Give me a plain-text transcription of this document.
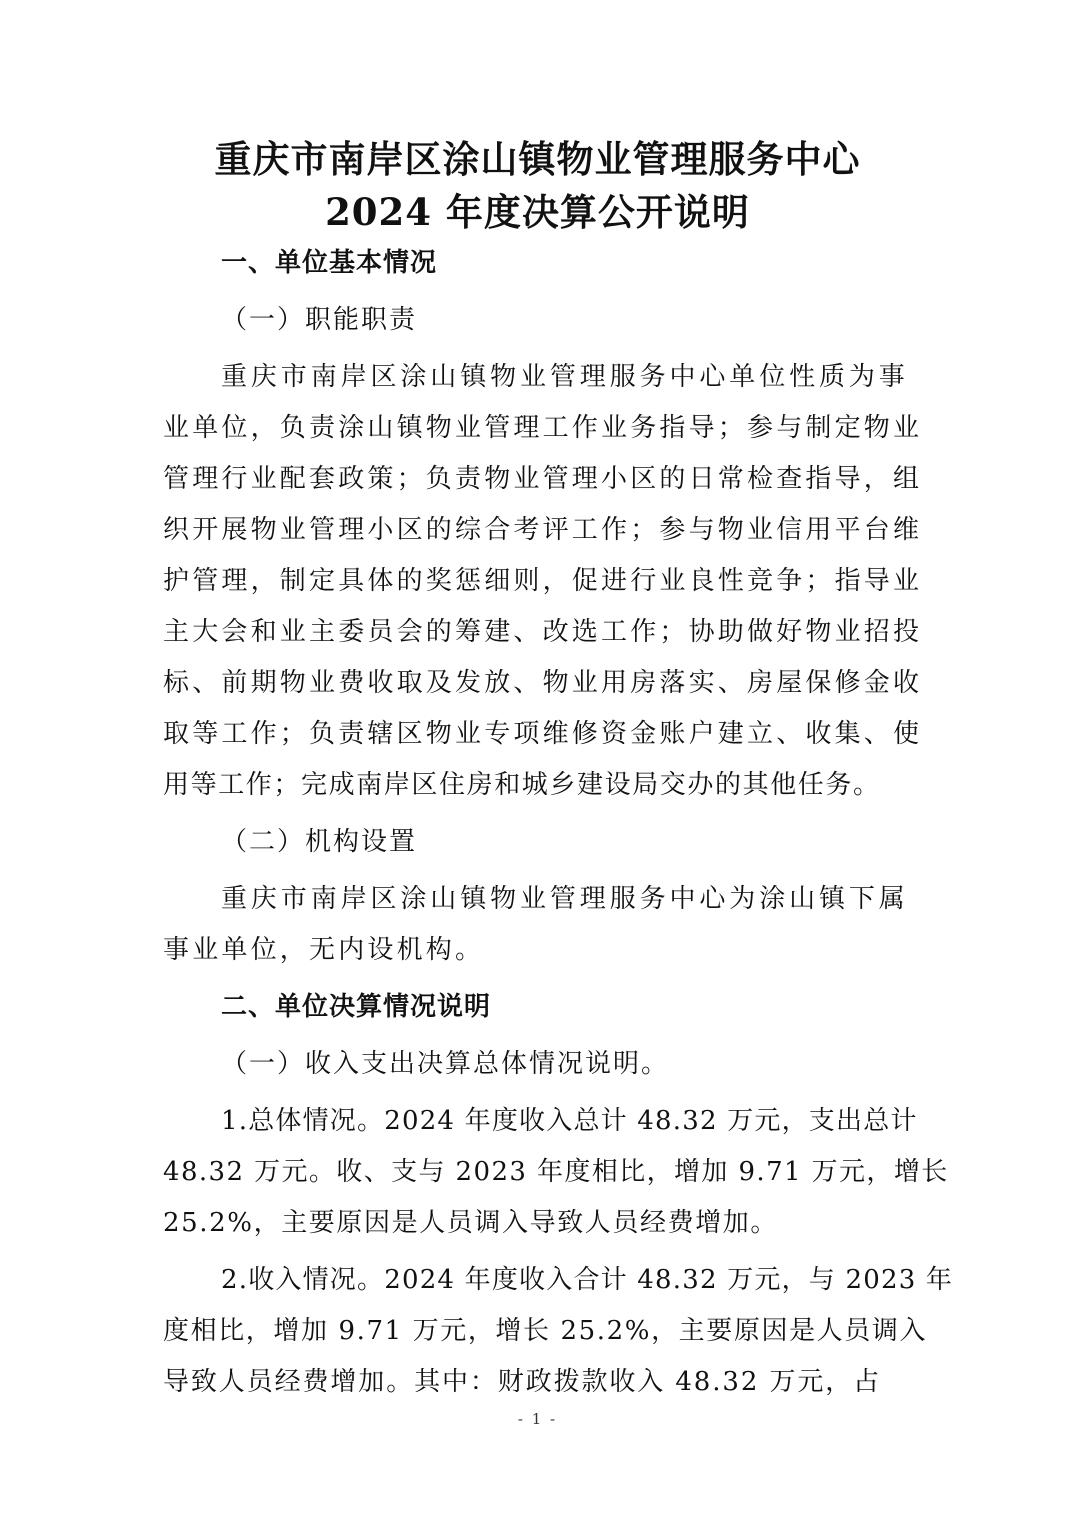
重庆市南岸区涂山镇物业管理服务中心
2024 年度决算公开说明
一、单位基本情况
（一）职能职责
重庆市南岸区涂山镇物业管理服务中心单位性质为事
业单位，负责涂山镇物业管理工作业务指导；参与制定物业
管理行业配套政策；负责物业管理小区的日常检查指导，组
织开展物业管理小区的综合考评工作；参与物业信用平台维
护管理，制定具体的奖惩细则，促进行业良性竞争；指导业
主大会和业主委员会的筹建、改选工作；协助做好物业招投
标、前期物业费收取及发放、物业用房落实、房屋保修金收
取等工作；负责辖区物业专项维修资金账户建立、收集、使
用等工作；完成南岸区住房和城乡建设局交办的其他任务。
（二）机构设置
重庆市南岸区涂山镇物业管理服务中心为涂山镇下属
事业单位，无内设机构。
二、单位决算情况说明
（一）收入支出决算总体情况说明。
1.总体情况。2024 年度收入总计 48.32 万元，支出总计
48.32 万元。收、支与 2023 年度相比，增加 9.71 万元，增长
25.2%，主要原因是人员调入导致人员经费增加。
2.收入情况。2024 年度收入合计 48.32 万元，与 2023 年
度相比，增加 9.71 万元，增长 25.2%，主要原因是人员调入
导致人员经费增加。其中：财政拨款收入 48.32 万元，占
- 1 -
